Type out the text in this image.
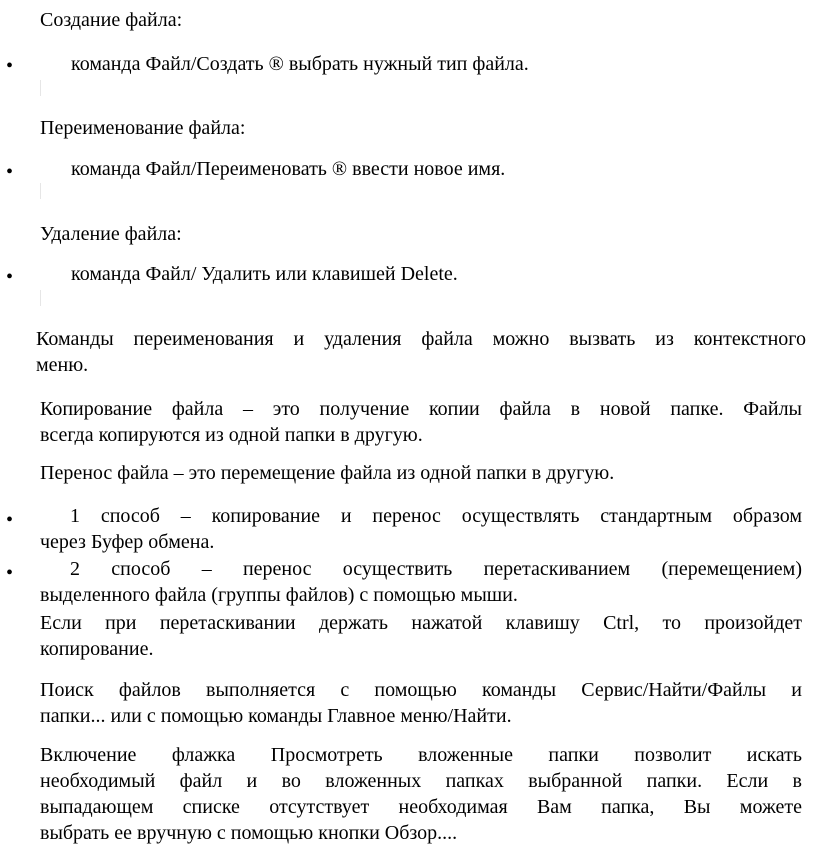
Создание файла:
•	команда Файл/Создать ® выбрать нужный тип файла.
Переименование файла:
•	команда Файл/Переименовать ® ввести новое имя.
Удаление файла:
•	команда Файл/ Удалить или клавишей Delete.
Команды переименования и удаления файла можно вызвать из контекстного
меню.
Копирование файла – это получение копии файла в новой папке. Файлы
всегда копируются из одной папки в другую.
Перенос файла – это перемещение файла из одной папки в другую.
•	1 способ – копирование и перенос осуществлять стандартным образом
через Буфер обмена.
•	2 способ – перенос осуществить перетаскиванием (перемещением)
выделенного файла (группы файлов) с помощью мыши.
Если при перетаскивании держать нажатой клавишу Ctrl, то произойдет
копирование.
Поиск файлов выполняется с помощью команды Сервис/Найти/Файлы и
папки... или с помощью команды Главное меню/Найти.
Включение флажка Просмотреть вложенные папки позволит искать
необходимый файл и во вложенных папках выбранной папки. Если в
выпадающем списке отсутствует необходимая Вам папка, Вы можете
выбрать ее вручную с помощью кнопки Обзор....
